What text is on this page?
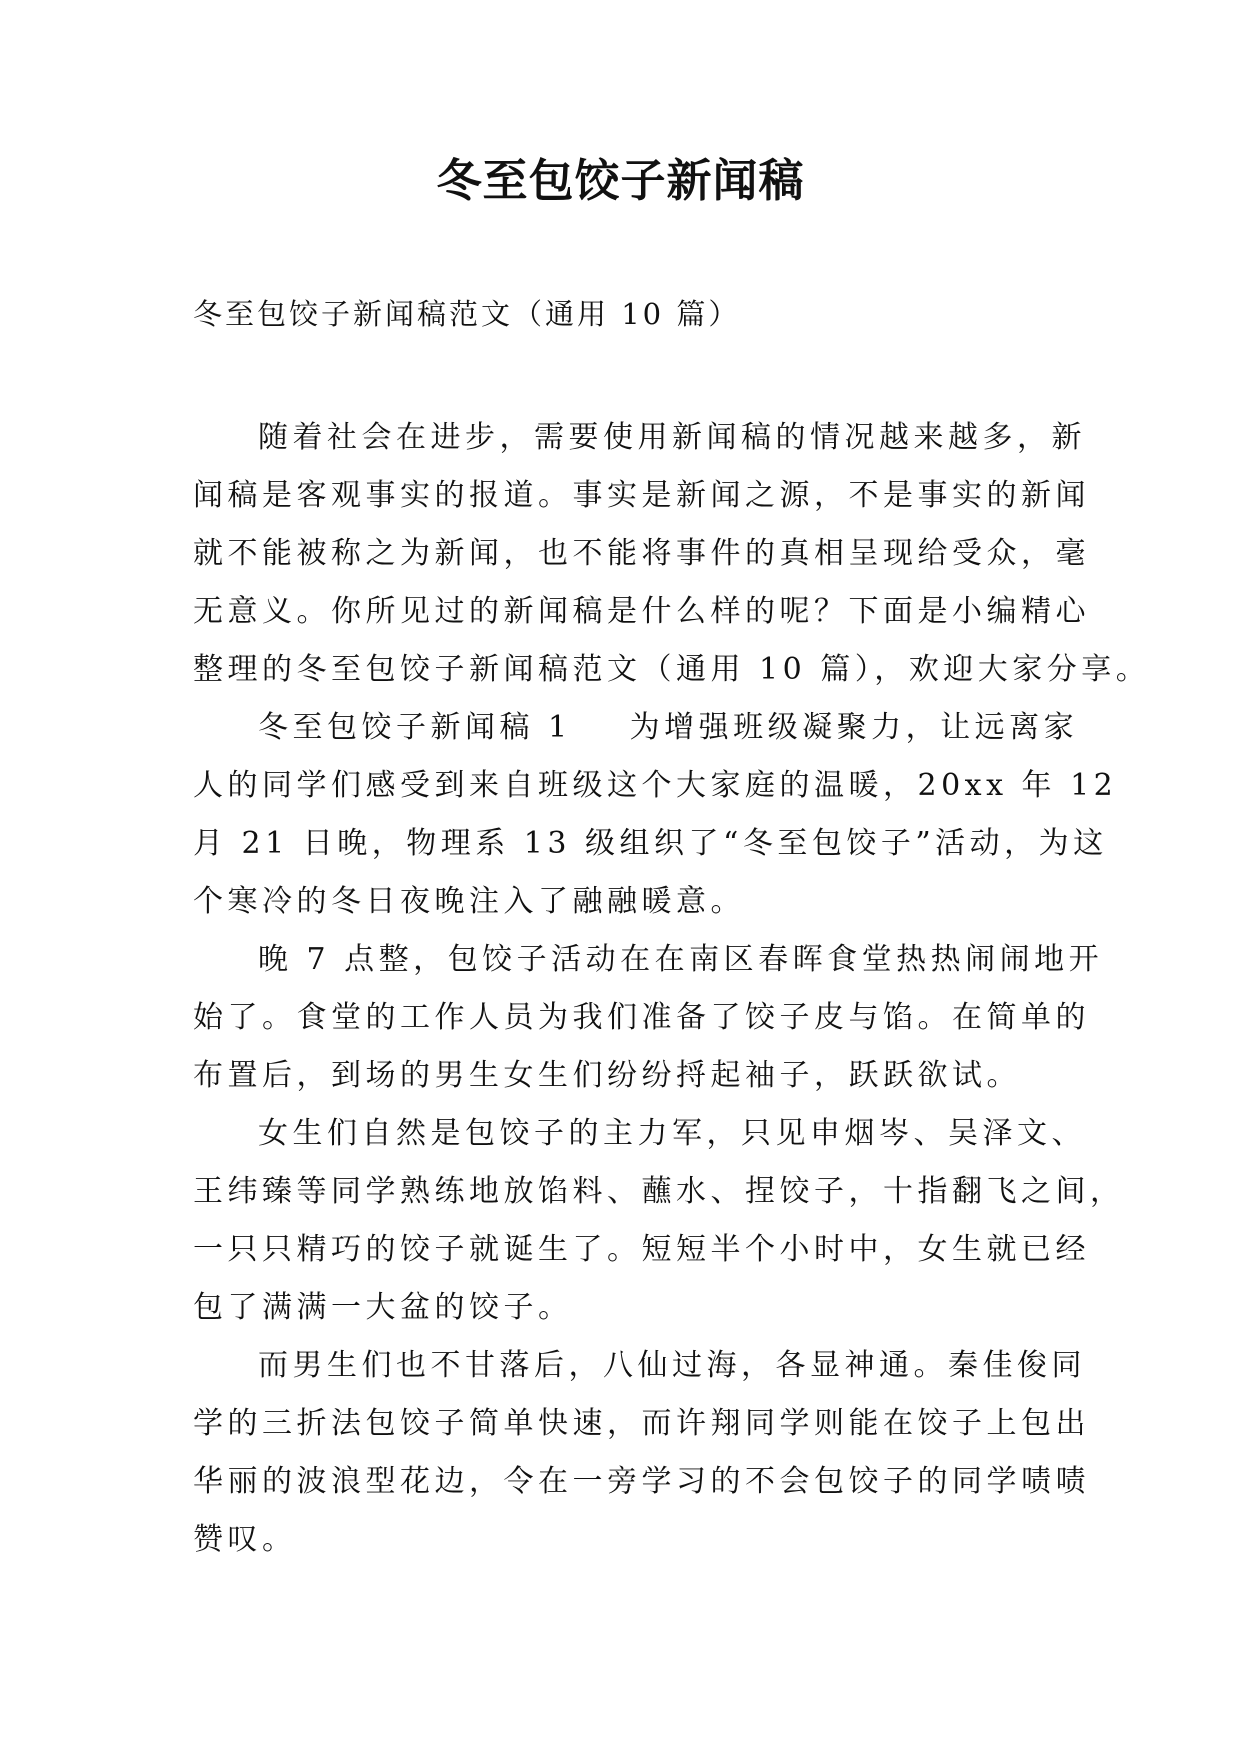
冬至包饺子新闻稿
冬至包饺子新闻稿范文（通用 10 篇）
随着社会在进步，需要使用新闻稿的情况越来越多，新
闻稿是客观事实的报道。事实是新闻之源，不是事实的新闻
就不能被称之为新闻，也不能将事件的真相呈现给受众，毫
无意义。你所见过的新闻稿是什么样的呢？下面是小编精心
整理的冬至包饺子新闻稿范文（通用 10 篇），欢迎大家分享。
冬至包饺子新闻稿 1 为增强班级凝聚力，让远离家
人的同学们感受到来自班级这个大家庭的温暖，20xx 年 12
月 21 日晚，物理系 13 级组织了“冬至包饺子”活动，为这
个寒冷的冬日夜晚注入了融融暖意。
晚 7 点整，包饺子活动在在南区春晖食堂热热闹闹地开
始了。食堂的工作人员为我们准备了饺子皮与馅。在简单的
布置后，到场的男生女生们纷纷捋起袖子，跃跃欲试。
女生们自然是包饺子的主力军，只见申烟岑、吴泽文、
王纬臻等同学熟练地放馅料、蘸水、捏饺子，十指翻飞之间，
一只只精巧的饺子就诞生了。短短半个小时中，女生就已经
包了满满一大盆的饺子。
而男生们也不甘落后，八仙过海，各显神通。秦佳俊同
学的三折法包饺子简单快速，而许翔同学则能在饺子上包出
华丽的波浪型花边，令在一旁学习的不会包饺子的同学啧啧
赞叹。
